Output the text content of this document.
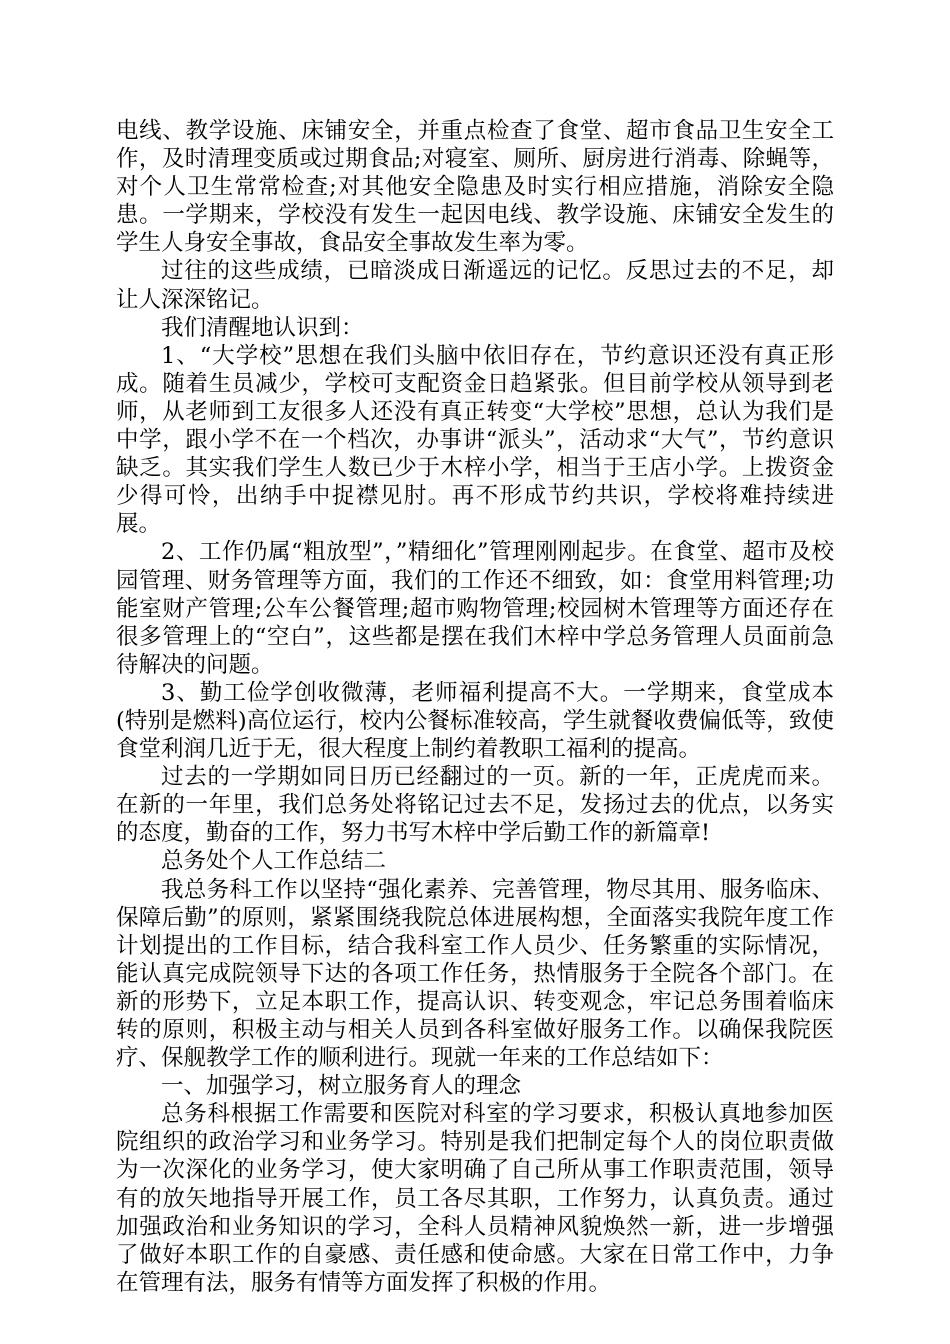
电线、教学设施、床铺安全，并重点检查了食堂、超市食品卫生安全工作，及时清理变质或过期食品;对寝室、厕所、厨房进行消毒、除蝇等，对个人卫生常常检查;对其他安全隐患及时实行相应措施，消除安全隐患。一学期来，学校没有发生一起因电线、教学设施、床铺安全发生的学生人身安全事故，食品安全事故发生率为零。

过往的这些成绩，已暗淡成日渐遥远的记忆。反思过去的不足，却让人深深铭记。

我们清醒地认识到：

1、“大学校”思想在我们头脑中依旧存在，节约意识还没有真正形成。随着生员减少，学校可支配资金日趋紧张。但目前学校从领导到老师，从老师到工友很多人还没有真正转变“大学校”思想，总认为我们是中学，跟小学不在一个档次，办事讲“派头”，活动求“大气”，节约意识缺乏。其实我们学生人数已少于木梓小学，相当于王店小学。上拨资金少得可怜，出纳手中捉襟见肘。再不形成节约共识，学校将难持续进展。

2、工作仍属“粗放型”，”精细化”管理刚刚起步。在食堂、超市及校园管理、财务管理等方面，我们的工作还不细致，如：食堂用料管理;功能室财产管理;公车公餐管理;超市购物管理;校园树木管理等方面还存在很多管理上的“空白”，这些都是摆在我们木梓中学总务管理人员面前急待解决的问题。

3、勤工俭学创收微薄，老师福利提高不大。一学期来，食堂成本(特别是燃料)高位运行，校内公餐标准较高，学生就餐收费偏低等，致使食堂利润几近于无，很大程度上制约着教职工福利的提高。

过去的一学期如同日历已经翻过的一页。新的一年，正虎虎而来。在新的一年里，我们总务处将铭记过去不足，发扬过去的优点，以务实的态度，勤奋的工作，努力书写木梓中学后勤工作的新篇章!

总务处个人工作总结二

我总务科工作以坚持“强化素养、完善管理，物尽其用、服务临床、保障后勤”的原则，紧紧围绕我院总体进展构想，全面落实我院年度工作计划提出的工作目标，结合我科室工作人员少、任务繁重的实际情况，能认真完成院领导下达的各项工作任务，热情服务于全院各个部门。在新的形势下，立足本职工作，提高认识、转变观念，牢记总务围着临床转的原则，积极主动与相关人员到各科室做好服务工作。以确保我院医疗、保舰教学工作的顺利进行。现就一年来的工作总结如下：

一、加强学习，树立服务育人的理念

总务科根据工作需要和医院对科室的学习要求，积极认真地参加医院组织的政治学习和业务学习。特别是我们把制定每个人的岗位职责做为一次深化的业务学习，使大家明确了自己所从事工作职责范围，领导有的放矢地指导开展工作，员工各尽其职，工作努力，认真负责。通过加强政治和业务知识的学习，全科人员精神风貌焕然一新，进一步增强了做好本职工作的自豪感、责任感和使命感。大家在日常工作中，力争在管理有法，服务有情等方面发挥了积极的作用。
